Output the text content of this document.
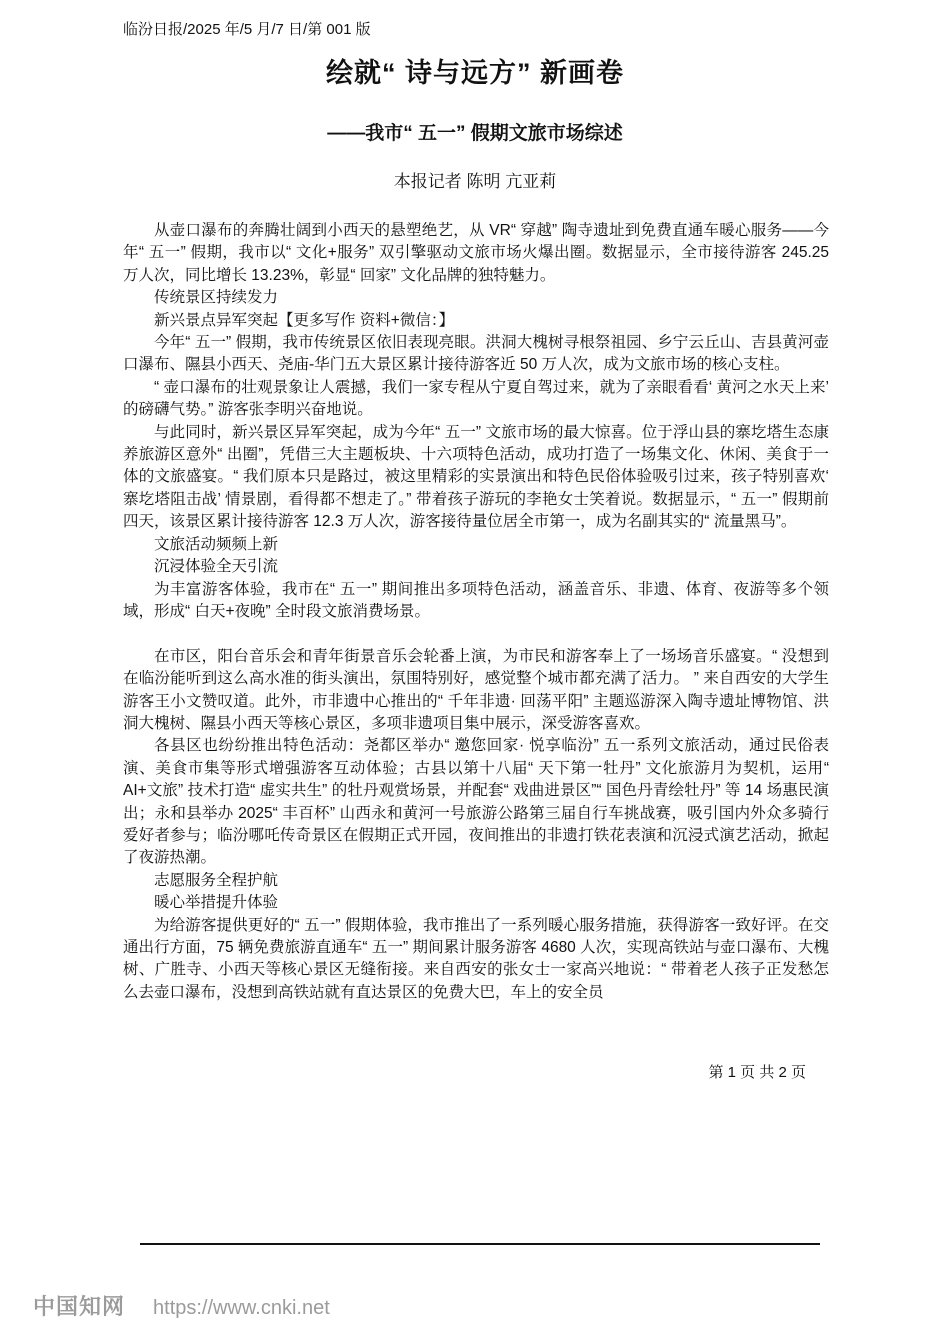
临汾日报/2025 年/5 月/7 日/第 001 版
绘就“ 诗与远方” 新画卷
——我市“ 五一” 假期文旅市场综述
本报记者 陈明 亢亚莉

从壶口瀑布的奔腾壮阔到小西天的悬塑绝艺，从 VR“ 穿越” 陶寺遗址到免费直通车暖心服务——今年“ 五一” 假期，我市以“ 文化+服务” 双引擎驱动文旅市场火爆出圈。数据显示，全市接待游客 245.25 万人次，同比增长 13.23%，彰显“ 回家” 文化品牌的独特魅力。

传统景区持续发力

新兴景点异军突起【更多写作 资料+微信：】

今年“ 五一” 假期，我市传统景区依旧表现亮眼。洪洞大槐树寻根祭祖园、乡宁云丘山、吉县黄河壶口瀑布、隰县小西天、尧庙-华门五大景区累计接待游客近 50 万人次，成为文旅市场的核心支柱。

“ 壶口瀑布的壮观景象让人震撼，我们一家专程从宁夏自驾过来，就为了亲眼看看‘ 黄河之水天上来’ 的磅礴气势。” 游客张李明兴奋地说。

与此同时，新兴景区异军突起，成为今年“ 五一” 文旅市场的最大惊喜。位于浮山县的寨圪塔生态康养旅游区意外“ 出圈”，凭借三大主题板块、十六项特色活动，成功打造了一场集文化、休闲、美食于一体的文旅盛宴。“ 我们原本只是路过，被这里精彩的实景演出和特色民俗体验吸引过来，孩子特别喜欢‘ 寨圪塔阻击战’ 情景剧，看得都不想走了。” 带着孩子游玩的李艳女士笑着说。数据显示，“ 五一” 假期前四天，该景区累计接待游客 12.3 万人次，游客接待量位居全市第一，成为名副其实的“ 流量黑马”。

文旅活动频频上新

沉浸体验全天引流

为丰富游客体验，我市在“ 五一” 期间推出多项特色活动，涵盖音乐、非遗、体育、夜游等多个领域，形成“ 白天+夜晚” 全时段文旅消费场景。

在市区，阳台音乐会和青年街景音乐会轮番上演，为市民和游客奉上了一场场音乐盛宴。“ 没想到在临汾能听到这么高水准的街头演出，氛围特别好，感觉整个城市都充满了活力。 ” 来自西安的大学生游客王小文赞叹道。此外，市非遗中心推出的“ 千年非遗· 回荡平阳” 主题巡游深入陶寺遗址博物馆、洪洞大槐树、隰县小西天等核心景区，多项非遗项目集中展示，深受游客喜欢。

各县区也纷纷推出特色活动：尧都区举办“ 邀您回家· 悦享临汾” 五一系列文旅活动，通过民俗表演、美食市集等形式增强游客互动体验；古县以第十八届“ 天下第一牡丹” 文化旅游月为契机，运用“ AI+文旅” 技术打造“ 虚实共生” 的牡丹观赏场景，并配套“ 戏曲进景区”“ 国色丹青绘牡丹” 等 14 场惠民演出；永和县举办 2025“ 丰百杯” 山西永和黄河一号旅游公路第三届自行车挑战赛，吸引国内外众多骑行爱好者参与；临汾哪吒传奇景区在假期正式开园，夜间推出的非遗打铁花表演和沉浸式演艺活动，掀起了夜游热潮。

志愿服务全程护航

暖心举措提升体验

为给游客提供更好的“ 五一” 假期体验，我市推出了一系列暖心服务措施，获得游客一致好评。在交通出行方面，75 辆免费旅游直通车“ 五一” 期间累计服务游客 4680 人次，实现高铁站与壶口瀑布、大槐树、广胜寺、小西天等核心景区无缝衔接。来自西安的张女士一家高兴地说：“ 带着老人孩子正发愁怎么去壶口瀑布，没想到高铁站就有直达景区的免费大巴，车上的安全员

第 1 页 共 2 页
中国知网 https://www.cnki.net
